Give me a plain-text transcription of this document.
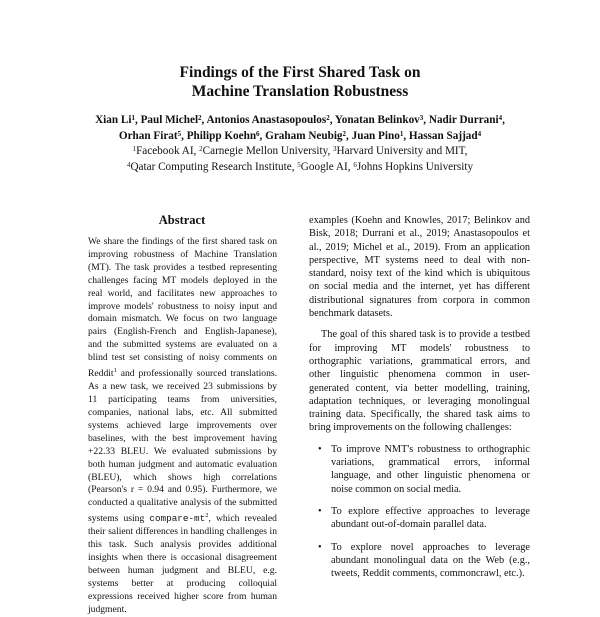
Findings of the First Shared Task on
Machine Translation Robustness
Xian Li$^1$, Paul Michel$^2$, Antonios Anastasopoulos$^2$, Yonatan Belinkov$^3$, Nadir Durrani$^4$,
Orhan Firat$^5$, Philipp Koehn$^6$, Graham Neubig$^2$, Juan Pino$^1$, Hassan Sajjad$^4$
$^1$Facebook AI, $^2$Carnegie Mellon University, $^3$Harvard University and MIT,
$^4$Qatar Computing Research Institute, $^5$Google AI, $^6$Johns Hopkins University
Abstract

We share the findings of the first shared task on improving robustness of Machine Translation (MT). The task provides a testbed representing challenges facing MT models deployed in the real world, and facilitates new approaches to improve models' robustness to noisy input and domain mismatch. We focus on two language pairs (English-French and English-Japanese), and the submitted systems are evaluated on a blind test set consisting of noisy comments on Reddit$^1$ and professionally sourced translations. As a new task, we received 23 submissions by 11 participating teams from universities, companies, national labs, etc. All submitted systems achieved large improvements over baselines, with the best improvement having +22.33 BLEU. We evaluated submissions by both human judgment and automatic evaluation (BLEU), which shows high correlations (Pearson's r = 0.94 and 0.95). Furthermore, we conducted a qualitative analysis of the submitted systems using compare-$mt^2$, which revealed their salient differences in handling challenges in this task. Such analysis provides additional insights when there is occasional disagreement between human judgment and BLEU, e.g. systems better at producing colloquial expressions received higher score from human judgment.

examples (Koehn and Knowles, 2017; Belinkov and Bisk, 2018; Durrani et al., 2019; Anastasopoulos et al., 2019; Michel et al., 2019). From an application perspective, MT systems need to deal with non-standard, noisy text of the kind which is ubiquitous on social media and the internet, yet has different distributional signatures from corpora in common benchmark datasets.

The goal of this shared task is to provide a testbed for improving MT models' robustness to orthographic variations, grammatical errors, and other linguistic phenomena common in user-generated content, via better modelling, training, adaptation techniques, or leveraging monolingual training data. Specifically, the shared task aims to bring improvements on the following challenges:

• To improve NMT's robustness to orthographic variations, grammatical errors, informal language, and other linguistic phenomena or noise common on social media.
• To explore effective approaches to leverage abundant out-of-domain parallel data.
• To explore novel approaches to leverage abundant monolingual data on the Web (e.g., tweets, Reddit comments, commoncrawl, etc.).
